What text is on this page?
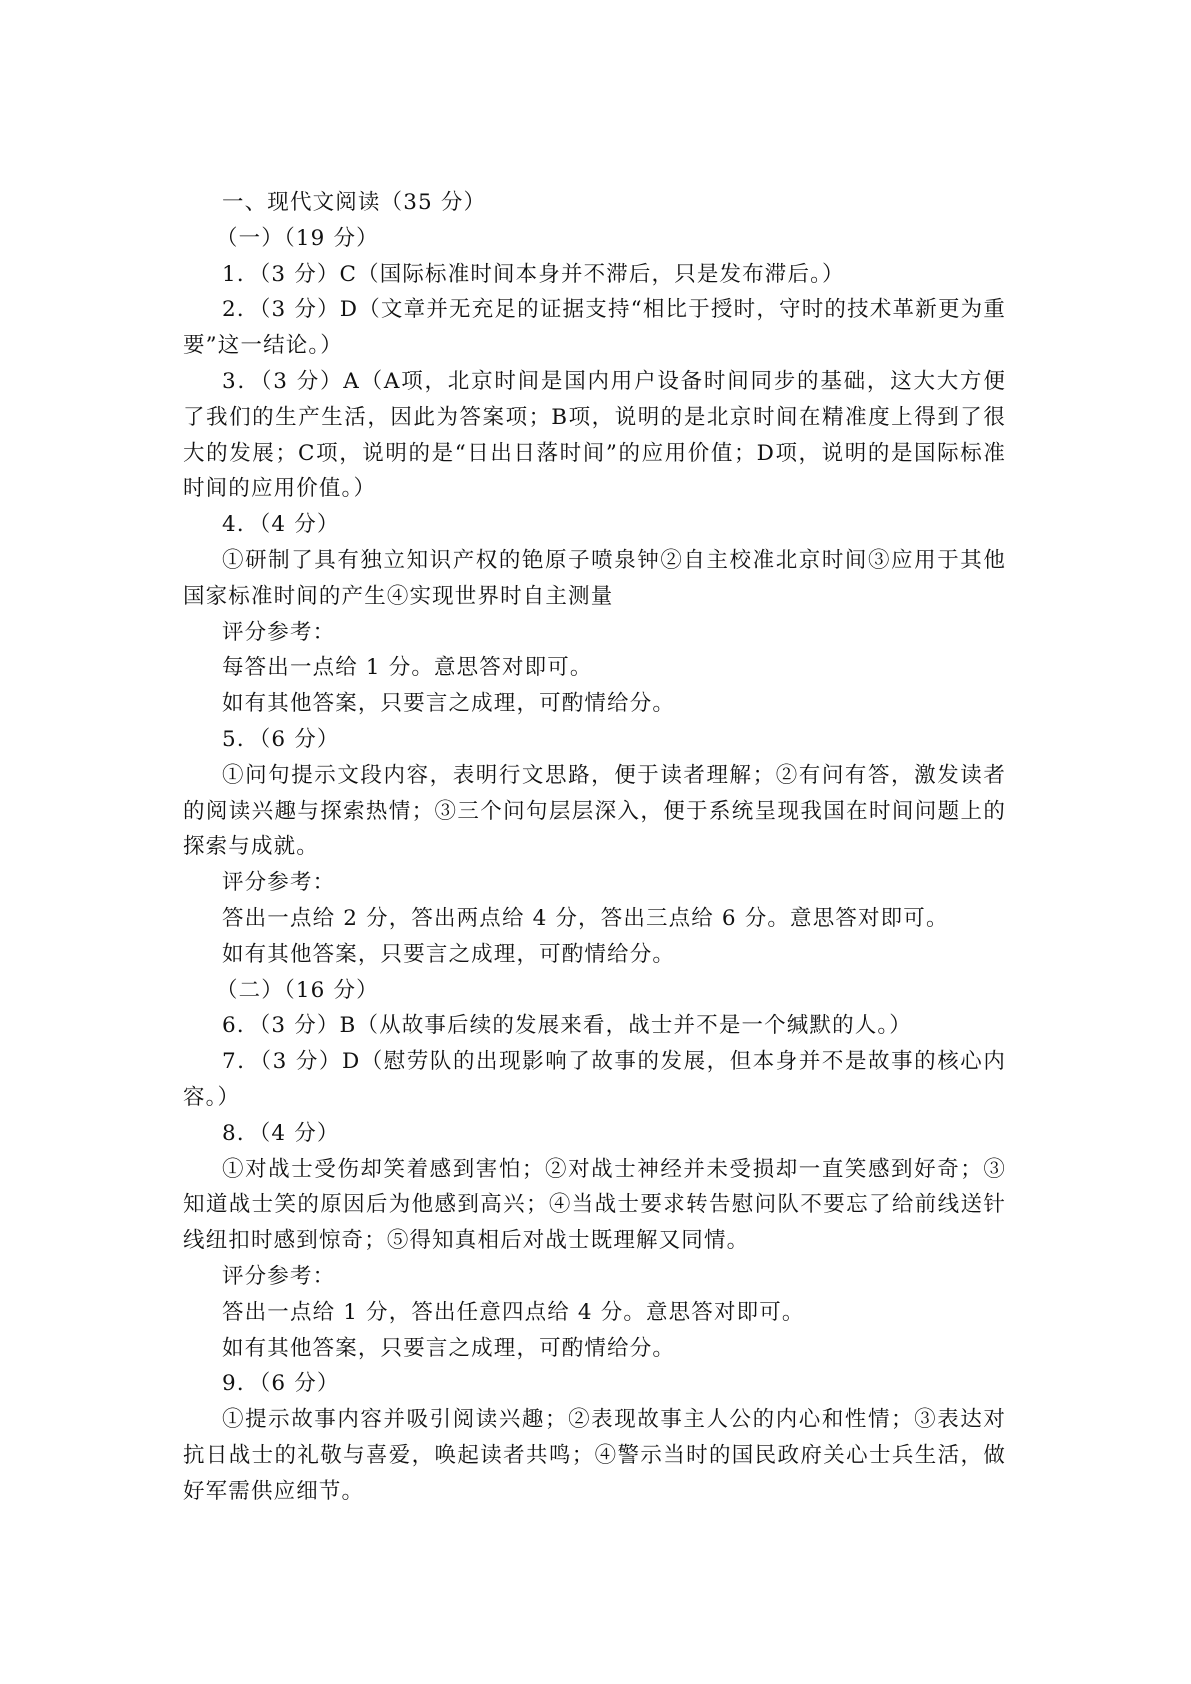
一、现代文阅读（35 分）
（一）（19 分）
1．（3 分）C（国际标准时间本身并不滞后，只是发布滞后。）
2．（3 分）D（文章并无充足的证据支持“相比于授时，守时的技术革新更为重要”这一结论。）
3．（3 分）A（A项，北京时间是国内用户设备时间同步的基础，这大大方便了我们的生产生活，因此为答案项；B项，说明的是北京时间在精准度上得到了很大的发展；C项，说明的是“日出日落时间”的应用价值；D项，说明的是国际标准时间的应用价值。）
4．（4 分）
①研制了具有独立知识产权的铯原子喷泉钟②自主校准北京时间③应用于其他国家标准时间的产生④实现世界时自主测量
评分参考：
每答出一点给 1 分。意思答对即可。
如有其他答案，只要言之成理，可酌情给分。
5．（6 分）
①问句提示文段内容，表明行文思路，便于读者理解；②有问有答，激发读者的阅读兴趣与探索热情；③三个问句层层深入，便于系统呈现我国在时间问题上的探索与成就。
评分参考：
答出一点给 2 分，答出两点给 4 分，答出三点给 6 分。意思答对即可。
如有其他答案，只要言之成理，可酌情给分。
（二）（16 分）
6．（3 分）B（从故事后续的发展来看，战士并不是一个缄默的人。）
7．（3 分）D（慰劳队的出现影响了故事的发展，但本身并不是故事的核心内容。）
8．（4 分）
①对战士受伤却笑着感到害怕；②对战士神经并未受损却一直笑感到好奇；③知道战士笑的原因后为他感到高兴；④当战士要求转告慰问队不要忘了给前线送针线纽扣时感到惊奇；⑤得知真相后对战士既理解又同情。
评分参考：
答出一点给 1 分，答出任意四点给 4 分。意思答对即可。
如有其他答案，只要言之成理，可酌情给分。
9．（6 分）
①提示故事内容并吸引阅读兴趣；②表现故事主人公的内心和性情；③表达对抗日战士的礼敬与喜爱，唤起读者共鸣；④警示当时的国民政府关心士兵生活，做好军需供应细节。
